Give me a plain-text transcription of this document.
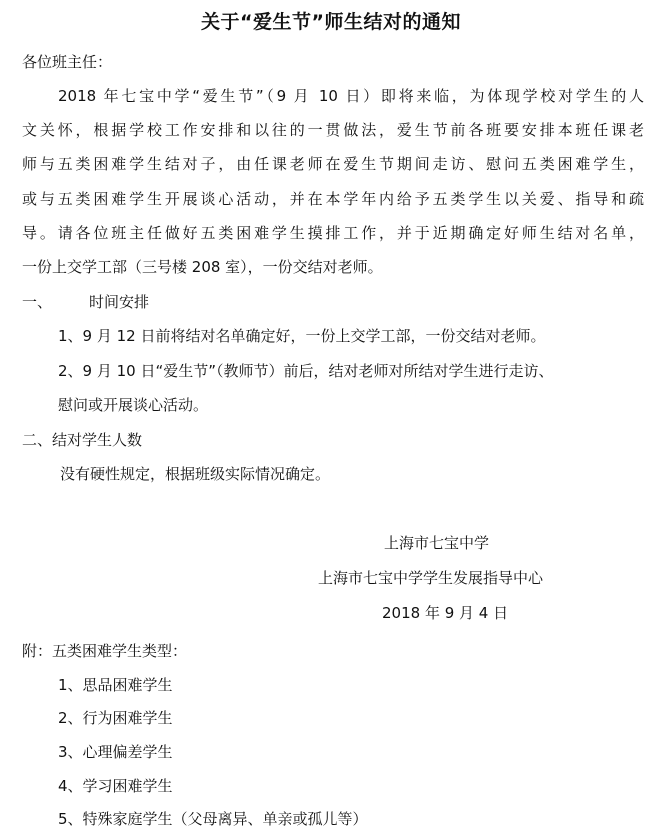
关于“爱生节”师生结对的通知
各位班主任：
2018 年七宝中学“爱生节”（9 月 10 日）即将来临，为体现学校对学生的人
文关怀，根据学校工作安排和以往的一贯做法，爱生节前各班要安排本班任课老
师与五类困难学生结对子，由任课老师在爱生节期间走访、慰问五类困难学生，
或与五类困难学生开展谈心活动，并在本学年内给予五类学生以关爱、指导和疏
导。请各位班主任做好五类困难学生摸排工作，并于近期确定好师生结对名单，
一份上交学工部（三号楼 208 室），一份交结对老师。
一、 时间安排
1、9 月 12 日前将结对名单确定好，一份上交学工部，一份交结对老师。
2、9 月 10 日“爱生节”（教师节）前后，结对老师对所结对学生进行走访、
慰问或开展谈心活动。
二、结对学生人数
没有硬性规定，根据班级实际情况确定。
上海市七宝中学
上海市七宝中学学生发展指导中心
2018 年 9 月 4 日
附：五类困难学生类型：
1、思品困难学生
2、行为困难学生
3、心理偏差学生
4、学习困难学生
5、特殊家庭学生（父母离异、单亲或孤儿等）
